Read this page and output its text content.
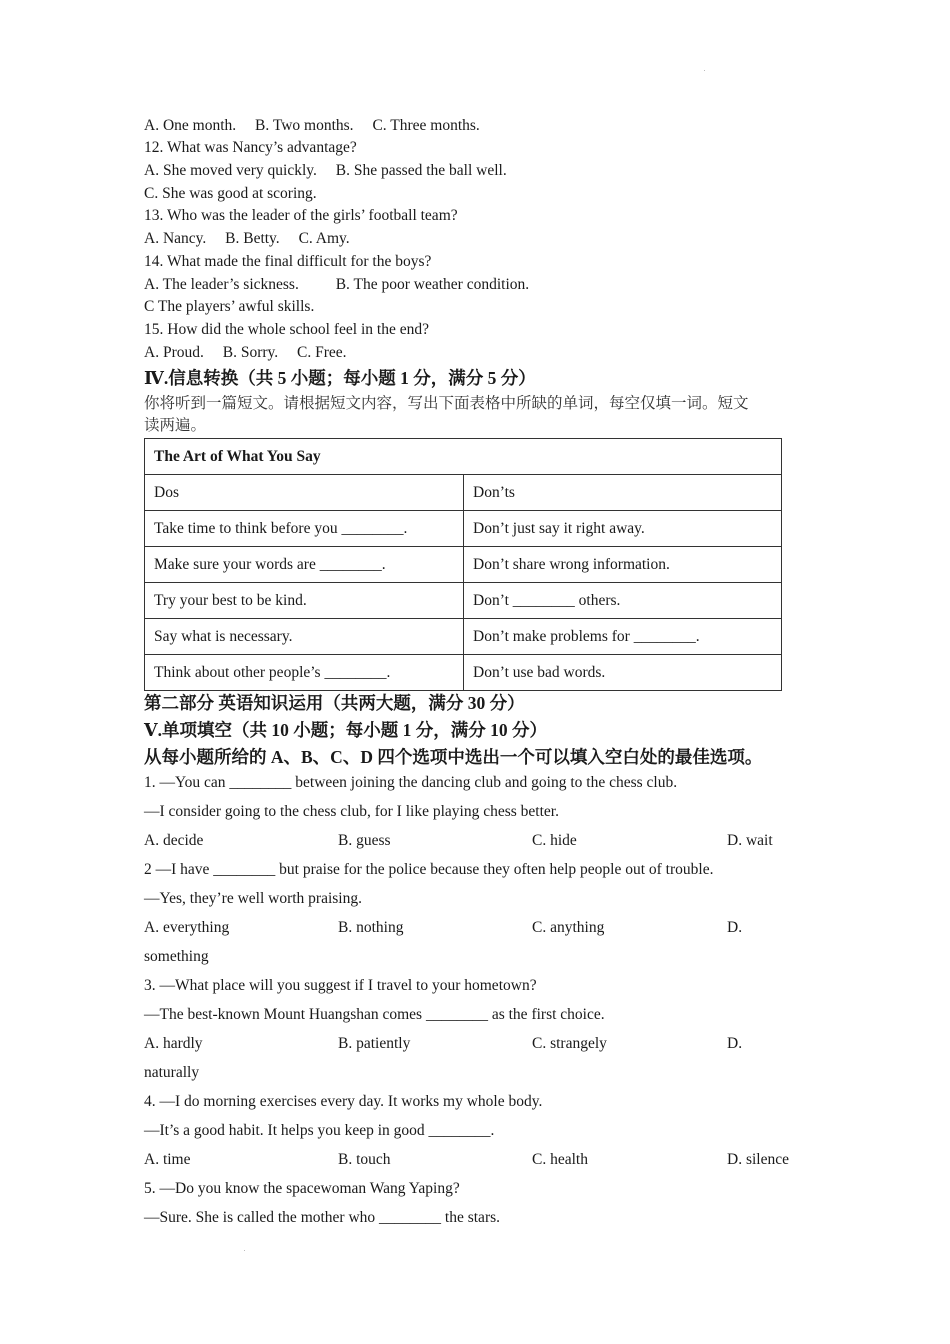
A. One month. B. Two months. C. Three months.
12. What was Nancy’s advantage?
A. She moved very quickly. B. She passed the ball well.
C. She was good at scoring.
13. Who was the leader of the girls’ football team?
A. Nancy. B. Betty. C. Amy.
14. What made the final difficult for the boys?
A. The leader’s sickness. B. The poor weather condition.
C The players’ awful skills.
15. How did the whole school feel in the end?
A. Proud. B. Sorry. C. Free.
Ⅳ.信息转换（共 5 小题；每小题 1 分，满分 5 分）
你将听到一篇短文。请根据短文内容，写出下面表格中所缺的单词，每空仅填一词。短文
读两遍。
The Art of What You Say	
Dos	Don’ts
Take time to think before you ________.	Don’t just say it right away.
Make sure your words are ________.	Don’t share wrong information.
Try your best to be kind.	Don’t ________ others.
Say what is necessary.	Don’t make problems for ________.
Think about other people’s ________.	Don’t use bad words.
第二部分 英语知识运用（共两大题，满分 30 分）
Ⅴ.单项填空（共 10 小题；每小题 1 分，满分 10 分）
从每小题所给的 A、B、C、D 四个选项中选出一个可以填入空白处的最佳选项。
1. —You can ________ between joining the dancing club and going to the chess club.
—I consider going to the chess club, for I like playing chess better.
A. decide	B. guess	C. hide	D. wait
2 —I have ________ but praise for the police because they often help people out of trouble.
—Yes, they’re well worth praising.
A. everything	B. nothing	C. anything	D.
something
3. —What place will you suggest if I travel to your hometown?
—The best-known Mount Huangshan comes ________ as the first choice.
A. hardly	B. patiently	C. strangely	D.
naturally
4. —I do morning exercises every day. It works my whole body.
—It’s a good habit. It helps you keep in good ________.
A. time	B. touch	C. health	D. silence
5. —Do you know the spacewoman Wang Yaping?
—Sure. She is called the mother who ________ the stars.
